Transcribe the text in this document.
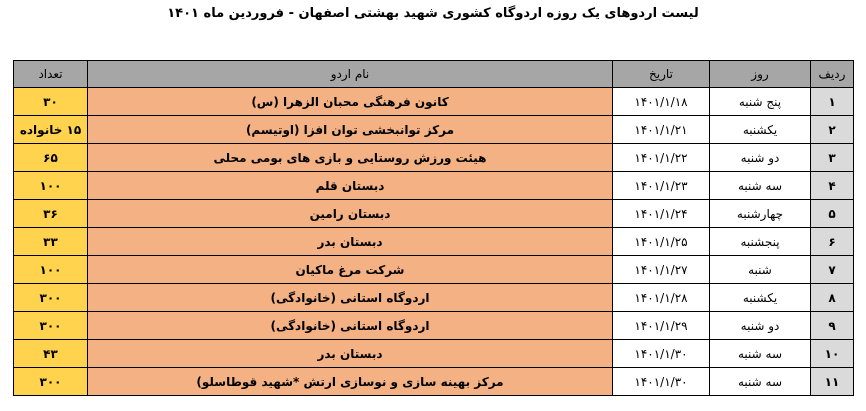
لیست اردوهای یک روزه اردوگاه کشوری شهید بهشتی اصفهان - فروردین ماه ۱۴۰۱
ردیف	روز	تاریخ	نام اردو	تعداد
۱	پنج شنبه	۱۴۰۱/۱/۱۸	کانون فرهنگی محبان الزهرا (س)	۳۰
۲	یکشنبه	۱۴۰۱/۱/۲۱	مرکز توانبخشی توان افزا (اوتیسم)	۱۵ خانواده
۳	دو شنبه	۱۴۰۱/۱/۲۲	هیئت ورزش روستایی و بازی های بومی محلی	۶۵
۴	سه شنبه	۱۴۰۱/۱/۲۳	دبستان قلم	۱۰۰
۵	چهارشنبه	۱۴۰۱/۱/۲۴	دبستان رامین	۳۶
۶	پنجشنبه	۱۴۰۱/۱/۲۵	دبستان بدر	۳۳
۷	شنبه	۱۴۰۱/۱/۲۷	شرکت مرغ ماکیان	۱۰۰
۸	یکشنبه	۱۴۰۱/۱/۲۸	اردوگاه استانی (خانوادگی)	۳۰۰
۹	دو شنبه	۱۴۰۱/۱/۲۹	اردوگاه استانی (خانوادگی)	۳۰۰
۱۰	سه شنبه	۱۴۰۱/۱/۳۰	دبستان بدر	۴۳
۱۱	سه شنبه	۱۴۰۱/۱/۳۰	مرکز بهینه سازی و نوسازی ارتش *شهید قوطاسلو)	۳۰۰
